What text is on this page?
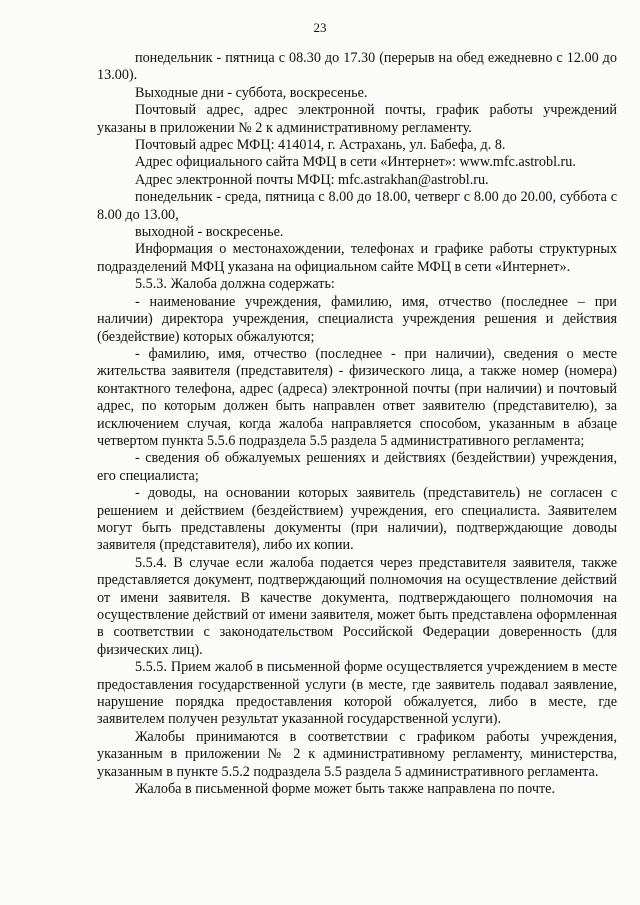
23

понедельник - пятница с 08.30 до 17.30 (перерыв на обед ежедневно с 12.00 до 13.00).

Выходные дни - суббота, воскресенье.

Почтовый адрес, адрес электронной почты, график работы учреждений указаны в приложении № 2 к административному регламенту.

Почтовый адрес МФЦ: 414014, г. Астрахань, ул. Бабефа, д. 8.

Адрес официального сайта МФЦ в сети «Интернет»: www.mfc.astrobl.ru.

Адрес электронной почты МФЦ: mfc.astrakhan@astrobl.ru.

понедельник - среда, пятница с 8.00 до 18.00, четверг с 8.00 до 20.00, суббота с 8.00 до 13.00,

выходной - воскресенье.

Информация о местонахождении, телефонах и графике работы структурных подразделений МФЦ указана на официальном сайте МФЦ в сети «Интернет».

5.5.3. Жалоба должна содержать:

- наименование учреждения, фамилию, имя, отчество (последнее – при наличии) директора учреждения, специалиста учреждения решения и действия (бездействие) которых обжалуются;

- фамилию, имя, отчество (последнее - при наличии), сведения о месте жительства заявителя (представителя) - физического лица, а также номер (номера) контактного телефона, адрес (адреса) электронной почты (при наличии) и почтовый адрес, по которым должен быть направлен ответ заявителю (представителю), за исключением случая, когда жалоба направляется способом, указанным в абзаце четвертом пункта 5.5.6 подраздела 5.5 раздела 5 административного регламента;

- сведения об обжалуемых решениях и действиях (бездействии) учреждения, его специалиста;

- доводы, на основании которых заявитель (представитель) не согласен с решением и действием (бездействием) учреждения, его специалиста. Заявителем могут быть представлены документы (при наличии), подтверждающие доводы заявителя (представителя), либо их копии.

5.5.4. В случае если жалоба подается через представителя заявителя, также представляется документ, подтверждающий полномочия на осуществление действий от имени заявителя. В качестве документа, подтверждающего полномочия на осуществление действий от имени заявителя, может быть представлена оформленная в соответствии с законодательством Российской Федерации доверенность (для физических лиц).

5.5.5. Прием жалоб в письменной форме осуществляется учреждением в месте предоставления государственной услуги (в месте, где заявитель подавал заявление, нарушение порядка предоставления которой обжалуется, либо в месте, где заявителем получен результат указанной государственной услуги).

Жалобы принимаются в соответствии с графиком работы учреждения, указанным в приложении № 2 к административному регламенту, министерства, указанным в пункте 5.5.2 подраздела 5.5 раздела 5 административного регламента.

Жалоба в письменной форме может быть также направлена по почте.
